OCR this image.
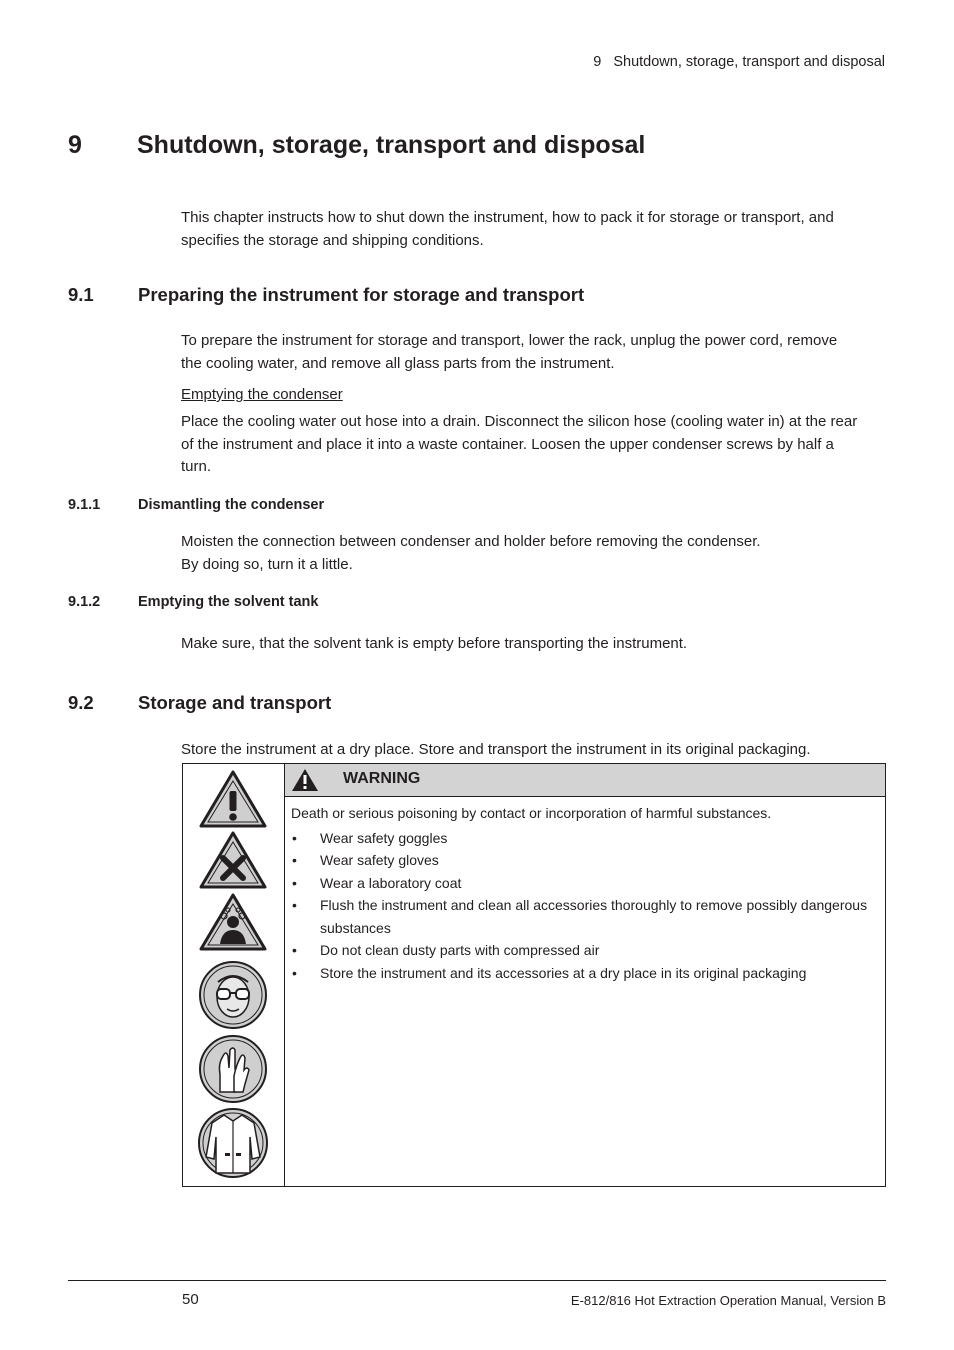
9 Shutdown, storage, transport and disposal
9 Shutdown, storage, transport and disposal
This chapter instructs how to shut down the instrument, how to pack it for storage or transport, and
specifies the storage and shipping conditions.
9.1 Preparing the instrument for storage and transport
To prepare the instrument for storage and transport, lower the rack, unplug the power cord, remove
the cooling water, and remove all glass parts from the instrument.
Emptying the condenser
Place the cooling water out hose into a drain. Disconnect the silicon hose (cooling water in) at the rear
of the instrument and place it into a waste container. Loosen the upper condenser screws by half a
turn.
9.1.1	Dismantling the condenser
Moisten the connection between condenser and holder before removing the condenser.
By doing so, turn it a little.
9.1.2	Emptying the solvent tank
Make sure, that the solvent tank is empty before transporting the instrument.
9.2 Storage and transport
Store the instrument at a dry place. Store and transport the instrument in its original packaging.
WARNING
Death or serious poisoning by contact or incorporation of harmful substances.
• Wear safety goggles
• Wear safety gloves
• Wear a laboratory coat
• Flush the instrument and clean all accessories thoroughly to remove possibly dangerous substances
• Do not clean dusty parts with compressed air
• Store the instrument and its accessories at a dry place in its original packaging
50	E-812/816 Hot Extraction Operation Manual, Version B
